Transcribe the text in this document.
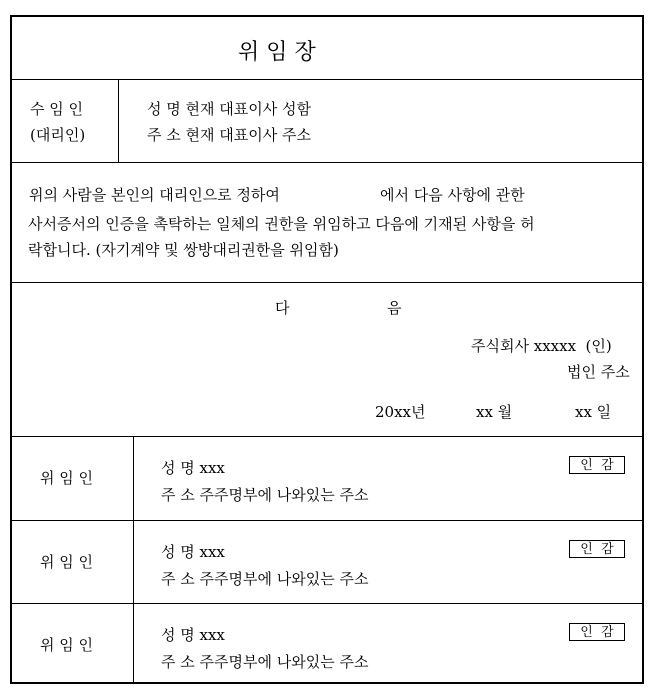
위 임 장
수 임 인
(대리인)
성 명 현재 대표이사 성함
주 소 현재 대표이사 주소
위의 사람을 본인의 대리인으로 정하여                     에서 다음 사항에 관한
사서증서의 인증을 촉탁하는 일체의 권한을 위임하고 다음에 기재된 사항을 허
락합니다. (자기계약 및 쌍방대리권한을 위임함)
다	음
주식회사 xxxxx  (인)
법인 주소
20xx년	xx 월	xx 일
위 임 인
성 명 xxx
주 소 주주명부에 나와있는 주소
인  감
위 임 인
성 명 xxx
주 소 주주명부에 나와있는 주소
인  감
위 임 인
성 명 xxx
주 소 주주명부에 나와있는 주소
인  감
